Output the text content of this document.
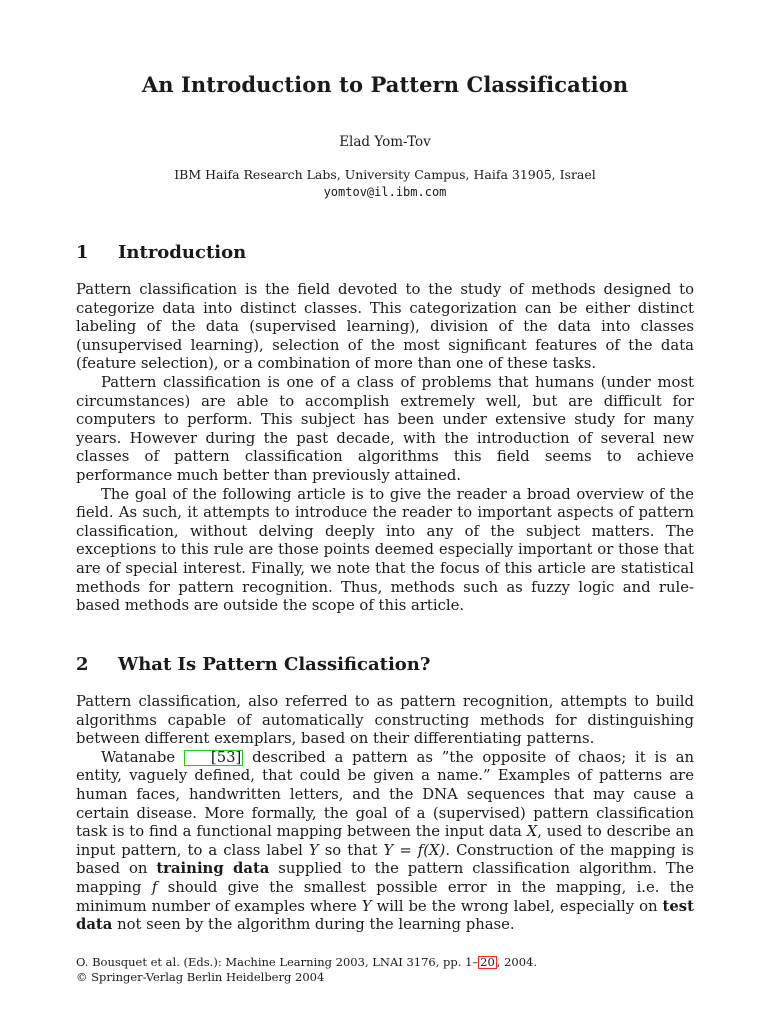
An Introduction to Pattern Classification
Elad Yom-Tov
IBM Haifa Research Labs, University Campus, Haifa 31905, Israel
yomtov@il.ibm.com
1 Introduction

Pattern classification is the field devoted to the study of methods designed to categorize data into distinct classes. This categorization can be either distinct labeling of the data (supervised learning), division of the data into classes (unsupervised learning), selection of the most significant features of the data (feature selection), or a combination of more than one of these tasks.

Pattern classification is one of a class of problems that humans (under most circumstances) are able to accomplish extremely well, but are difficult for computers to perform. This subject has been under extensive study for many years. However during the past decade, with the introduction of several new classes of pattern classification algorithms this field seems to achieve performance much better than previously attained.

The goal of the following article is to give the reader a broad overview of the field. As such, it attempts to introduce the reader to important aspects of pattern classification, without delving deeply into any of the subject matters. The exceptions to this rule are those points deemed especially important or those that are of special interest. Finally, we note that the focus of this article are statistical methods for pattern recognition. Thus, methods such as fuzzy logic and rule-based methods are outside the scope of this article.

2 What Is Pattern Classification?

Pattern classification, also referred to as pattern recognition, attempts to build algorithms capable of automatically constructing methods for distinguishing between different exemplars, based on their differentiating patterns.

Watanabe [53] described a pattern as ”the opposite of chaos; it is an entity, vaguely defined, that could be given a name.” Examples of patterns are human faces, handwritten letters, and the DNA sequences that may cause a certain disease. More formally, the goal of a (supervised) pattern classification task is to find a functional mapping between the input data X, used to describe an input pattern, to a class label Y so that Y = f(X). Construction of the mapping is based on training data supplied to the pattern classification algorithm. The mapping f should give the smallest possible error in the mapping, i.e. the minimum number of examples where Y will be the wrong label, especially on test data not seen by the algorithm during the learning phase.

O. Bousquet et al. (Eds.): Machine Learning 2003, LNAI 3176, pp. 1– 20 , 2004.
© Springer-Verlag Berlin Heidelberg 2004
